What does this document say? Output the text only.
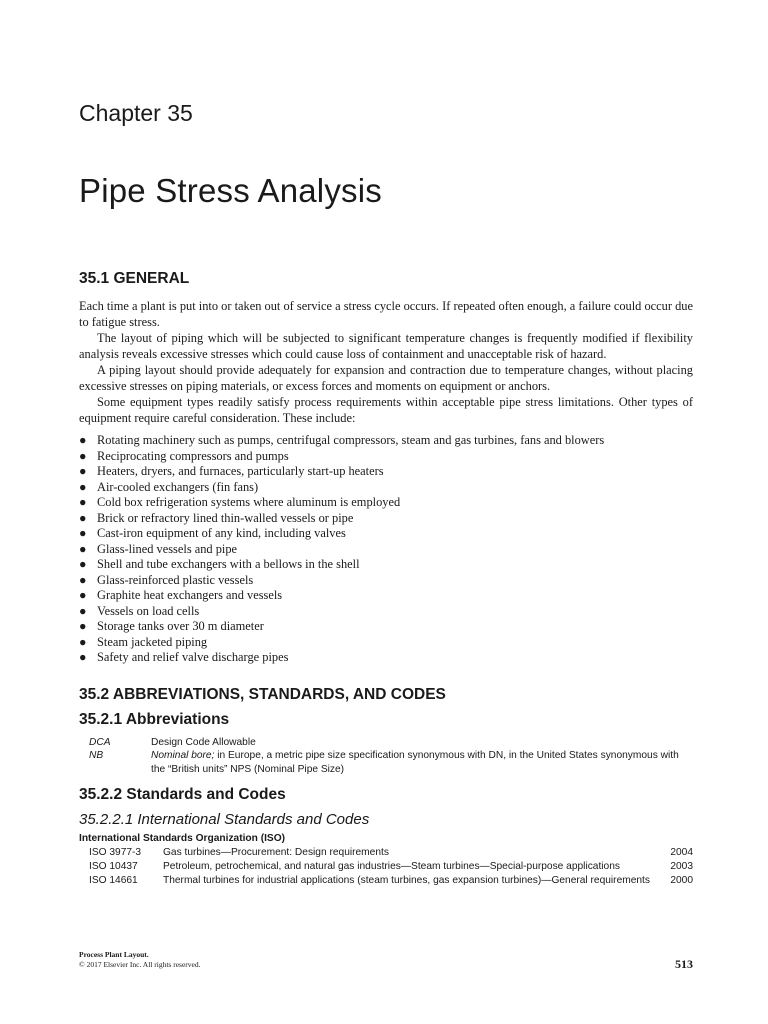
Chapter 35
Pipe Stress Analysis
35.1 GENERAL

Each time a plant is put into or taken out of service a stress cycle occurs. If repeated often enough, a failure could occur due to fatigue stress.

The layout of piping which will be subjected to significant temperature changes is frequently modified if flexibility analysis reveals excessive stresses which could cause loss of containment and unacceptable risk of hazard.

A piping layout should provide adequately for expansion and contraction due to temperature changes, without placing excessive stresses on piping materials, or excess forces and moments on equipment or anchors.

Some equipment types readily satisfy process requirements within acceptable pipe stress limitations. Other types of equipment require careful consideration. These include:

● Rotating machinery such as pumps, centrifugal compressors, steam and gas turbines, fans and blowers
● Reciprocating compressors and pumps
● Heaters, dryers, and furnaces, particularly start-up heaters
● Air-cooled exchangers (fin fans)
● Cold box refrigeration systems where aluminum is employed
● Brick or refractory lined thin-walled vessels or pipe
● Cast-iron equipment of any kind, including valves
● Glass-lined vessels and pipe
● Shell and tube exchangers with a bellows in the shell
● Glass-reinforced plastic vessels
● Graphite heat exchangers and vessels
● Vessels on load cells
● Storage tanks over 30 m diameter
● Steam jacketed piping
● Safety and relief valve discharge pipes
35.2 ABBREVIATIONS, STANDARDS, AND CODES
35.2.1 Abbreviations
DCA	Design Code Allowable
NB	Nominal bore; in Europe, a metric pipe size specification synonymous with DN, in the United States synonymous with the “British units” NPS (Nominal Pipe Size)
35.2.2 Standards and Codes
35.2.2.1 International Standards and Codes
International Standards Organization (ISO)
ISO 3977-3	Gas turbines—Procurement: Design requirements	2004
ISO 10437	Petroleum, petrochemical, and natural gas industries—Steam turbines—Special-purpose applications	2003
ISO 14661	Thermal turbines for industrial applications (steam turbines, gas expansion turbines)—General requirements	2000
Process Plant Layout.
© 2017 Elsevier Inc. All rights reserved.	513
